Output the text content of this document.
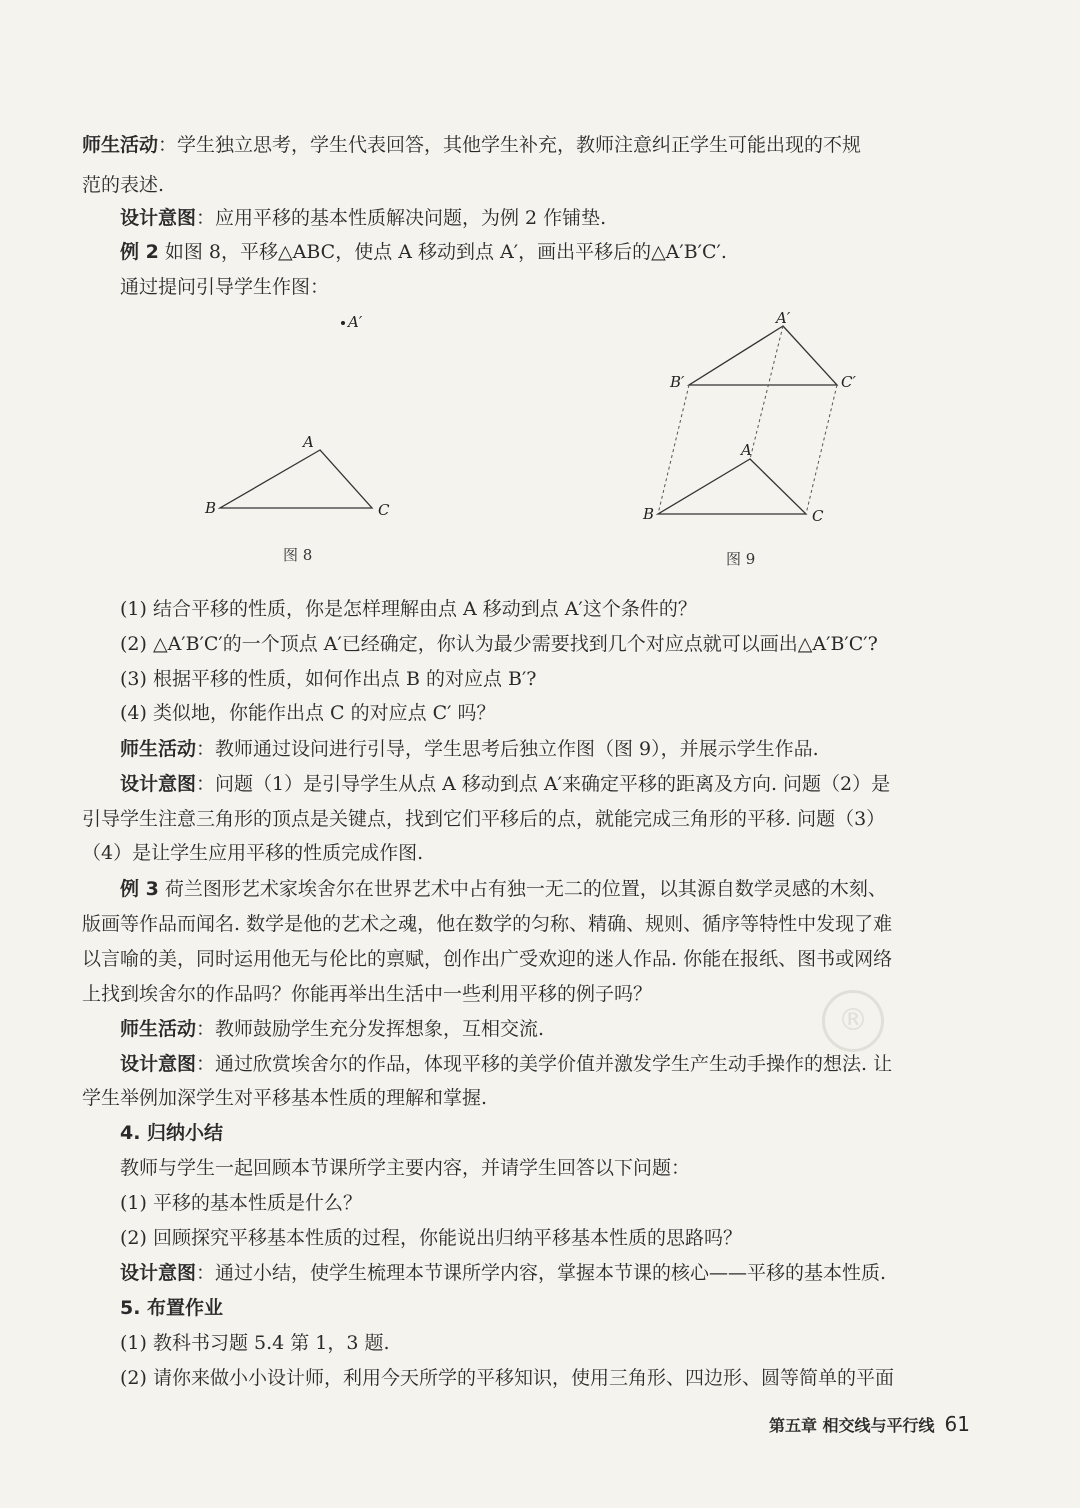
师生活动：学生独立思考，学生代表回答，其他学生补充，教师注意纠正学生可能出现的不规
范的表述.
设计意图：应用平移的基本性质解决问题，为例 2 作铺垫.
例 2 如图 8，平移△ABC，使点 A 移动到点 A′，画出平移后的△A′B′C′.
通过提问引导学生作图：
A′
A
B	C
图 8
A′
B′	C′
A
B	C
图 9
(1) 结合平移的性质，你是怎样理解由点 A 移动到点 A′这个条件的？
(2) △A′B′C′的一个顶点 A′已经确定，你认为最少需要找到几个对应点就可以画出△A′B′C′?
(3) 根据平移的性质，如何作出点 B 的对应点 B′?
(4) 类似地，你能作出点 C 的对应点 C′ 吗？
师生活动：教师通过设问进行引导，学生思考后独立作图（图 9），并展示学生作品.
设计意图：问题（1）是引导学生从点 A 移动到点 A′来确定平移的距离及方向. 问题（2）是
引导学生注意三角形的顶点是关键点，找到它们平移后的点，就能完成三角形的平移. 问题（3）
（4）是让学生应用平移的性质完成作图.
例 3 荷兰图形艺术家埃舍尔在世界艺术中占有独一无二的位置，以其源自数学灵感的木刻、
版画等作品而闻名. 数学是他的艺术之魂，他在数学的匀称、精确、规则、循序等特性中发现了难
以言喻的美，同时运用他无与伦比的禀赋，创作出广受欢迎的迷人作品. 你能在报纸、图书或网络
上找到埃舍尔的作品吗？你能再举出生活中一些利用平移的例子吗？
师生活动：教师鼓励学生充分发挥想象，互相交流.
设计意图：通过欣赏埃舍尔的作品，体现平移的美学价值并激发学生产生动手操作的想法. 让
学生举例加深学生对平移基本性质的理解和掌握.
4. 归纳小结
教师与学生一起回顾本节课所学主要内容，并请学生回答以下问题：
(1) 平移的基本性质是什么？
(2) 回顾探究平移基本性质的过程，你能说出归纳平移基本性质的思路吗？
设计意图：通过小结，使学生梳理本节课所学内容，掌握本节课的核心——平移的基本性质.
5. 布置作业
(1) 教科书习题 5.4 第 1，3 题.
(2) 请你来做小小设计师，利用今天所学的平移知识，使用三角形、四边形、圆等简单的平面
®
第五章 相交线与平行线 61
